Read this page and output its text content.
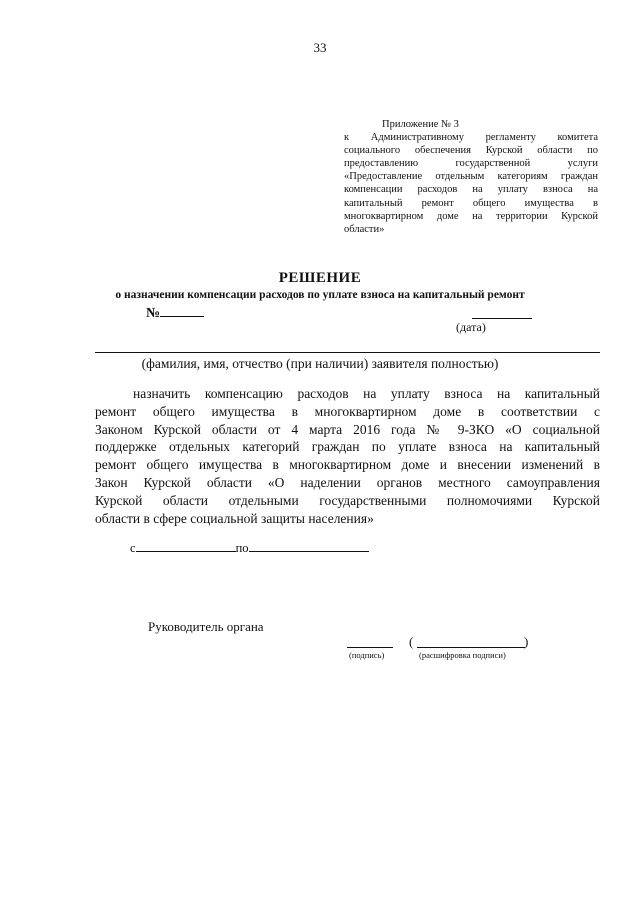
33
Приложение № 3
к Административному регламенту комитета
социального обеспечения Курской области по
предоставлению государственной услуги
«Предоставление отдельным категориям граждан
компенсации расходов на уплату взноса на
капитальный ремонт общего имущества в
многоквартирном доме на территории Курской
области»
РЕШЕНИЕ
о назначении компенсации расходов по уплате взноса на капитальный ремонт
№
(дата)
(фамилия, имя, отчество (при наличии) заявителя полностью)
назначить компенсацию расходов на уплату взноса на капитальный
ремонт общего имущества в многоквартирном доме в соответствии с
Законом Курской области от 4 марта 2016 года № 9-ЗКО «О социальной
поддержке отдельных категорий граждан по уплате взноса на капитальный
ремонт общего имущества в многоквартирном доме и внесении изменений в
Закон Курской области «О наделении органов местного самоуправления
Курской области отдельными государственными полномочиями Курской
области в сфере социальной защиты населения»
с	по
Руководитель органа
(подпись)
(	)
(расшифровка подписи)
